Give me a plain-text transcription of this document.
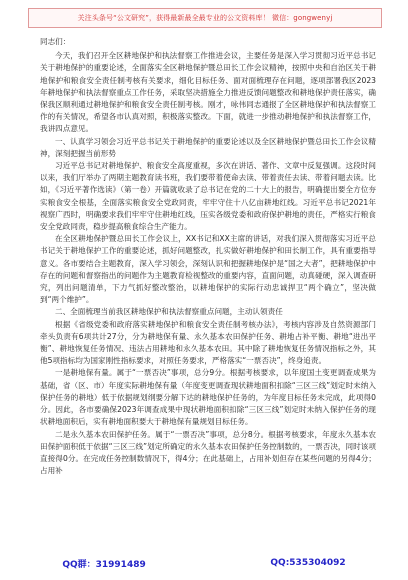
关注头条号“公文研究”，获得最新最全最专业的公文资料库！ 微信：gongwenyj

同志们：

今天，我们召开全区耕地保护和执法督察工作推进会议，主要任务是深入学习贯彻习近平总书记关于耕地保护的重要论述，全面落实全区耕地保护暨总田长工作会议精神，按照中央和自治区关于耕地保护和粮食安全责任制考核有关要求，细化目标任务、面对面梳理存在问题，逐项部署我区2023年耕地保护和执法督察重点工作任务，采取坚决措施全力推进反馈问题整改和耕地保护责任落实，确保我区顺利通过耕地保护和粮食安全责任制考核。刚才，咏伟同志通报了全区耕地保护和执法督察工作的有关情况，希望各市认真对照，积极落实整改。下面，就进一步推动耕地保护和执法督察工作，我讲四点意见。

一、认真学习领会习近平总书记关于耕地保护的重要论述以及全区耕地保护暨总田长工作会议精神，深刻把握当前形势

习近平总书记对耕地保护、粮食安全高度重视，多次在讲话、著作、文章中反复强调。这段时间以来，我们厅举办了两期主题教育读书班，我们要带着使命去读、带着责任去读、带着问题去读。比如，《习近平著作选读》（第一卷）开篇就收录了总书记在党的二十大上的报告，明确提出要全方位夯实粮食安全根基，全面落实粮食安全党政同责，牢牢守住十八亿亩耕地红线。习近平总书记2021年视察广西时，明确要求我们牢牢守住耕地红线，压实各级党委和政府保护耕地的责任，严格实行粮食安全党政同责，稳步提高粮食综合生产能力。

在全区耕地保护暨总田长工作会议上，XX书记和XX主席的讲话，对我们深入贯彻落实习近平总书记关于耕地保护工作的重要论述，抓好问题整改，扎实做好耕地保护和田长制工作，具有重要指导意义。各市要结合主题教育，深入学习领会，深刻认识和把握耕地保护是“国之大者”，把耕地保护中存在的问题和督察指出的问题作为主题教育检视整改的重要内容，直面问题，动真碰硬，深入调查研究，列出问题清单，下力气抓好整改整治，以耕地保护的实际行动忠诚捍卫“两个确立”，坚决做到“两个维护”。

二、全面梳理当前我区耕地保护和执法督察重点问题，主动认领责任

根据《省级党委和政府落实耕地保护和粮食安全责任制考核办法》，考核内容涉及自然资源部门牵头负责有6项共计27分，分为耕地保有量、永久基本农田保护任务、耕地占补平衡、耕地“进出平衡”、耕地恢复任务情况、违法占用耕地和永久基本农田。其中除了耕地恢复任务情况指标之外，其他5项指标均为国家刚性指标要求，对照任务要求，严格落实“一票否决”，终身追责。

一是耕地保有量。属于“一票否决”事项，总分9分。根据考核要求，以年度国土变更调查成果为基础，省（区、市）年度实际耕地保有量（年度变更调查现状耕地面积扣除“三区三线”划定时未纳入保护任务的耕地）低于依据规划纲要分解下达的耕地保护任务的，为年度目标任务未完成，此项得0分。因此，各市要确保2023年调查成果中现状耕地面积扣除“三区三线”划定时未纳入保护任务的现状耕地面积后，实有耕地面积要大于耕地保有量规划目标任务。

二是永久基本农田保护任务。属于“一票否决”事项，总分8分。根据考核要求，年度永久基本农田保护面积低于依据“三区三线”划定所确定的永久基本农田保护任务控制数的，一票否决，同时该项直接得0分。在完成任务控制数情况下，得4分；在此基础上，占用补划但存在某些问题的另得4分；占用补

QQ群：31991489	QQ:535304092
